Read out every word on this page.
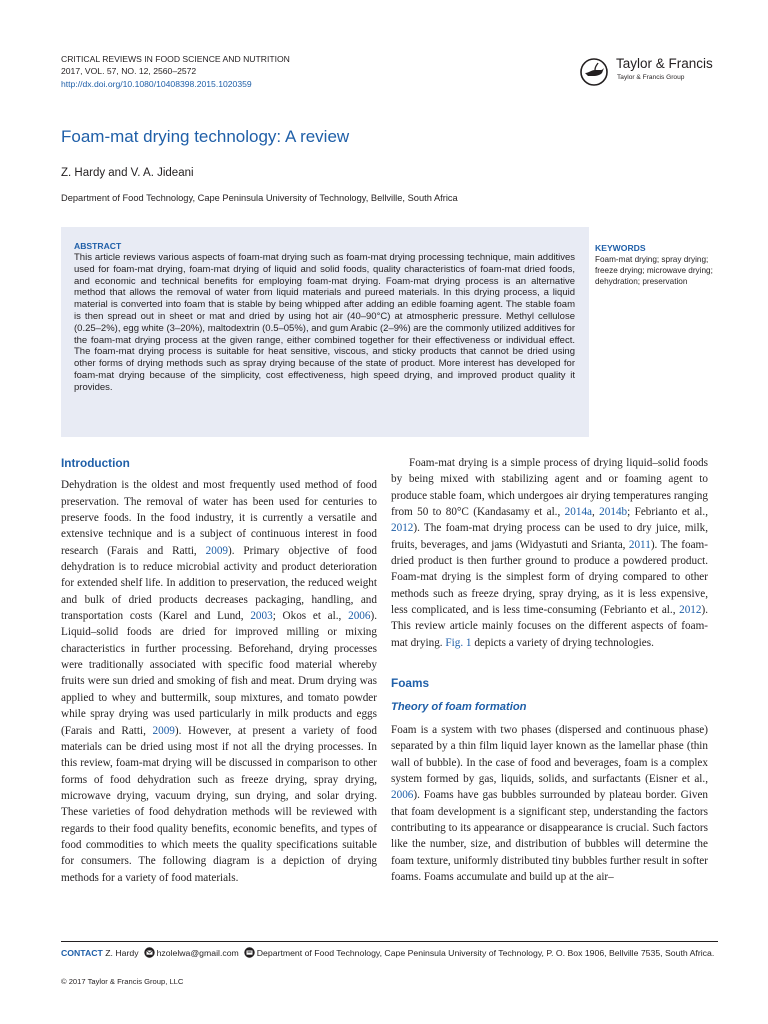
CRITICAL REVIEWS IN FOOD SCIENCE AND NUTRITION
2017, VOL. 57, NO. 12, 2560–2572
http://dx.doi.org/10.1080/10408398.2015.1020359
Taylor & Francis
Taylor & Francis Group
Foam-mat drying technology: A review
Z. Hardy and V. A. Jideani
Department of Food Technology, Cape Peninsula University of Technology, Bellville, South Africa
ABSTRACT
This article reviews various aspects of foam-mat drying such as foam-mat drying processing technique, main additives used for foam-mat drying, foam-mat drying of liquid and solid foods, quality characteristics of foam-mat dried foods, and economic and technical benefits for employing foam-mat drying. Foam-mat drying process is an alternative method that allows the removal of water from liquid materials and pureed materials. In this drying process, a liquid material is converted into foam that is stable by being whipped after adding an edible foaming agent. The stable foam is then spread out in sheet or mat and dried by using hot air (40–90°C) at atmospheric pressure. Methyl cellulose (0.25–2%), egg white (3–20%), maltodextrin (0.5–05%), and gum Arabic (2–9%) are the commonly utilized additives for the foam-mat drying process at the given range, either combined together for their effectiveness or individual effect. The foam-mat drying process is suitable for heat sensitive, viscous, and sticky products that cannot be dried using other forms of drying methods such as spray drying because of the state of product. More interest has developed for foam-mat drying because of the simplicity, cost effectiveness, high speed drying, and improved product quality it provides.
KEYWORDS
Foam-mat drying; spray drying; freeze drying; microwave drying; dehydration; preservation
Introduction

Dehydration is the oldest and most frequently used method of food preservation. The removal of water has been used for centuries to preserve foods. In the food industry, it is currently a versatile and extensive technique and is a subject of continuous interest in food research (Farais and Ratti, 2009). Primary objective of food dehydration is to reduce microbial activity and product deterioration for extended shelf life. In addition to preservation, the reduced weight and bulk of dried products decreases packaging, handling, and transportation costs (Karel and Lund, 2003; Okos et al., 2006). Liquid–solid foods are dried for improved milling or mixing characteristics in further processing. Beforehand, drying processes were traditionally associated with specific food material whereby fruits were sun dried and smoking of fish and meat. Drum drying was applied to whey and buttermilk, soup mixtures, and tomato powder while spray drying was used particularly in milk products and eggs (Farais and Ratti, 2009). However, at present a variety of food materials can be dried using most if not all the drying processes. In this review, foam-mat drying will be discussed in comparison to other forms of food dehydration such as freeze drying, spray drying, microwave drying, vacuum drying, sun drying, and solar drying. These varieties of food dehydration methods will be reviewed with regards to their food quality benefits, economic benefits, and types of food commodities to which meets the quality specifications suitable for consumers. The following diagram is a depiction of drying methods for a variety of food materials.

Foam-mat drying is a simple process of drying liquid–solid foods by being mixed with stabilizing agent and or foaming agent to produce stable foam, which undergoes air drying temperatures ranging from 50 to 80°C (Kandasamy et al., 2014a, 2014b; Febrianto et al., 2012). The foam-mat drying process can be used to dry juice, milk, fruits, beverages, and jams (Widyastuti and Srianta, 2011). The foam-dried product is then further ground to produce a powdered product. Foam-mat drying is the simplest form of drying compared to other methods such as freeze drying, spray drying, as it is less expensive, less complicated, and is less time-consuming (Febrianto et al., 2012). This review article mainly focuses on the different aspects of foam-mat drying. Fig. 1 depicts a variety of drying technologies.

Foams
Theory of foam formation

Foam is a system with two phases (dispersed and continuous phase) separated by a thin film liquid layer known as the lamellar phase (thin wall of bubble). In the case of food and beverages, foam is a complex system formed by gas, liquids, solids, and surfactants (Eisner et al., 2006). Foams have gas bubbles surrounded by plateau border. Given that foam development is a significant step, understanding the factors contributing to its appearance or disappearance is crucial. Such factors like the number, size, and distribution of bubbles will determine the foam texture, uniformly distributed tiny bubbles further result in softer foams. Foams accumulate and build up at the air–

CONTACT Z. Hardy hzolelwa@gmail.com Department of Food Technology, Cape Peninsula University of Technology, P. O. Box 1906, Bellville 7535, South Africa.
© 2017 Taylor & Francis Group, LLC
